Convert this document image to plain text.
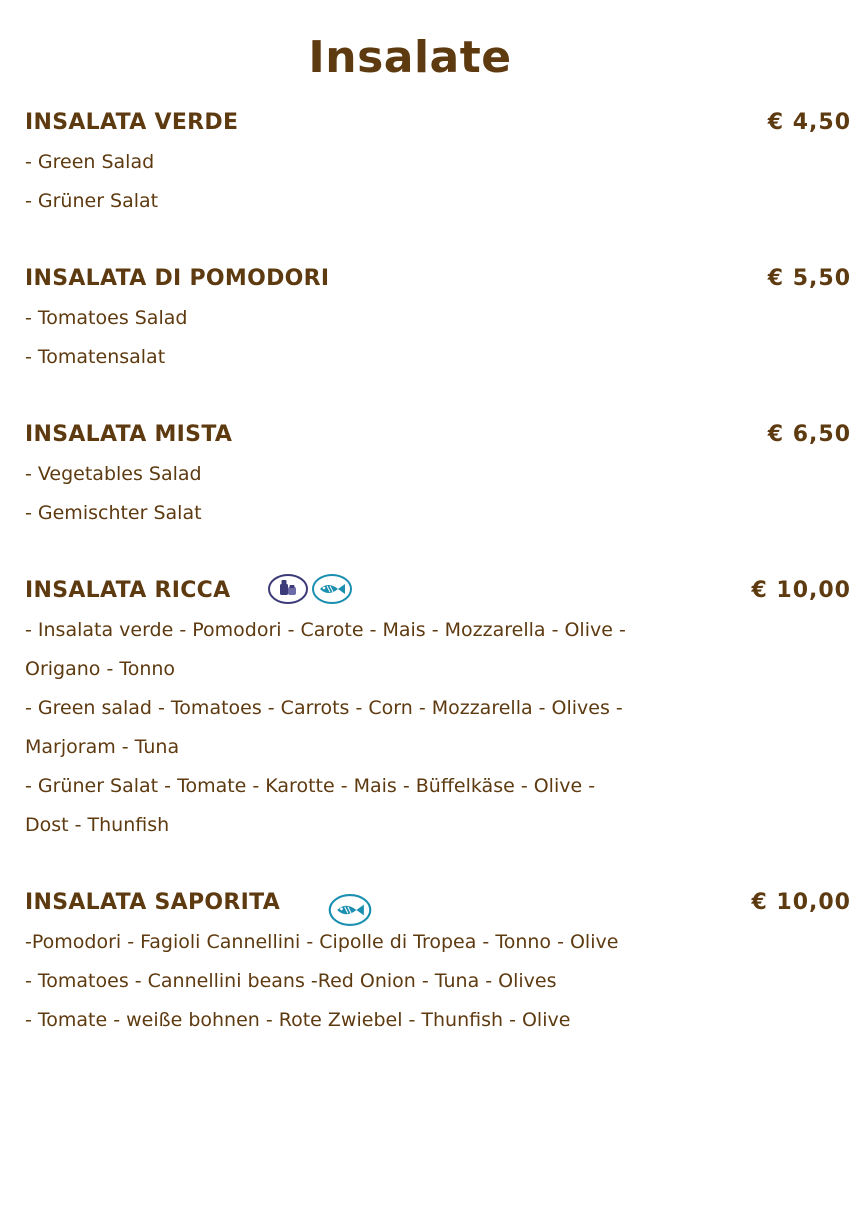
Insalate
INSALATA VERDE	€ 4,50
- Green Salad
- Grüner Salat
INSALATA DI POMODORI	€ 5,50
- Tomatoes Salad
- Tomatensalat
INSALATA MISTA	€ 6,50
- Vegetables Salad
- Gemischter Salat
INSALATA RICCA	€ 10,00
- Insalata verde - Pomodori - Carote - Mais - Mozzarella - Olive -
Origano - Tonno
- Green salad - Tomatoes - Carrots - Corn - Mozzarella - Olives -
Marjoram - Tuna
- Grüner Salat - Tomate - Karotte - Mais - Büffelkäse - Olive -
Dost - Thunfish
INSALATA SAPORITA	€ 10,00
-Pomodori - Fagioli Cannellini - Cipolle di Tropea - Tonno - Olive
- Tomatoes - Cannellini beans -Red Onion - Tuna - Olives
- Tomate - weiße bohnen - Rote Zwiebel - Thunfish - Olive
